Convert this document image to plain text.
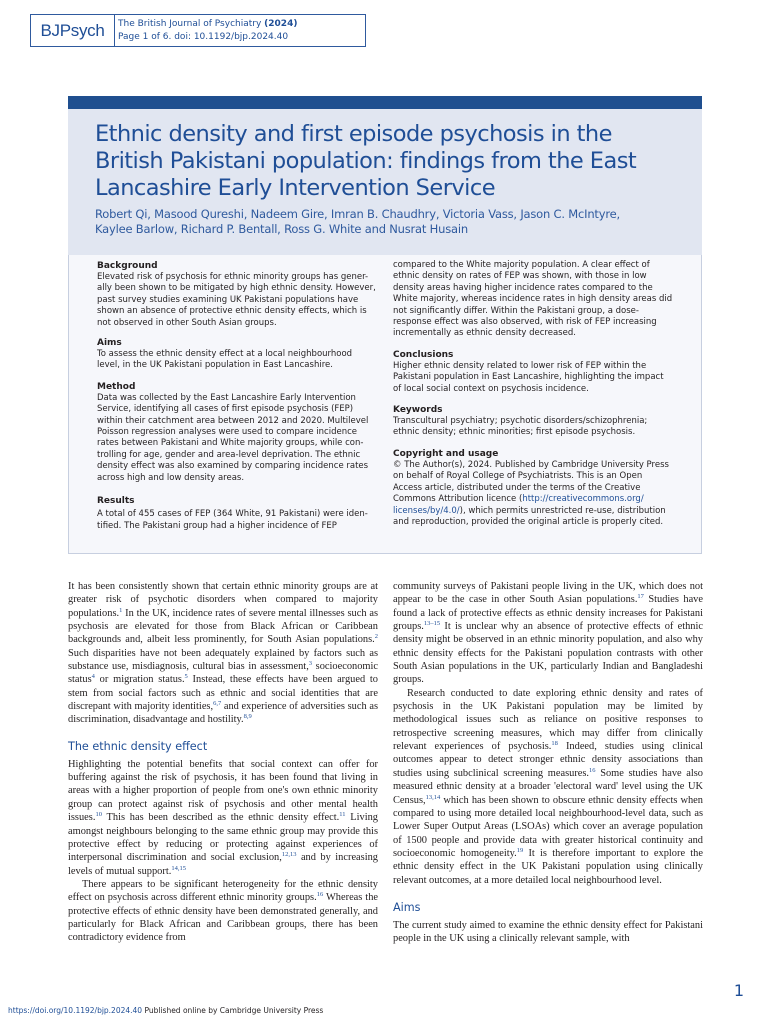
BJPsych	The British Journal of Psychiatry (2024)
Page 1 of 6. doi: 10.1192/bjp.2024.40
Ethnic density and first episode psychosis in the
British Pakistani population: findings from the East
Lancashire Early Intervention Service
Robert Qi, Masood Qureshi, Nadeem Gire, Imran B. Chaudhry, Victoria Vass, Jason C. McIntyre,
Kaylee Barlow, Richard P. Bentall, Ross G. White and Nusrat Husain
Background

Elevated risk of psychosis for ethnic minority groups has gener-
ally been shown to be mitigated by high ethnic density. However,
past survey studies examining UK Pakistani populations have
shown an absence of protective ethnic density effects, which is
not observed in other South Asian groups.

Aims

To assess the ethnic density effect at a local neighbourhood
level, in the UK Pakistani population in East Lancashire.

Method

Data was collected by the East Lancashire Early Intervention
Service, identifying all cases of first episode psychosis (FEP)
within their catchment area between 2012 and 2020. Multilevel
Poisson regression analyses were used to compare incidence
rates between Pakistani and White majority groups, while con-
trolling for age, gender and area-level deprivation. The ethnic
density effect was also examined by comparing incidence rates
across high and low density areas.

Results

A total of 455 cases of FEP (364 White, 91 Pakistani) were iden-
tified. The Pakistani group had a higher incidence of FEP

compared to the White majority population. A clear effect of
ethnic density on rates of FEP was shown, with those in low
density areas having higher incidence rates compared to the
White majority, whereas incidence rates in high density areas did
not significantly differ. Within the Pakistani group, a dose-
response effect was also observed, with risk of FEP increasing
incrementally as ethnic density decreased.

Conclusions

Higher ethnic density related to lower risk of FEP within the
Pakistani population in East Lancashire, highlighting the impact
of local social context on psychosis incidence.

Keywords

Transcultural psychiatry; psychotic disorders/schizophrenia;
ethnic density; ethnic minorities; first episode psychosis.

Copyright and usage

© The Author(s), 2024. Published by Cambridge University Press
on behalf of Royal College of Psychiatrists. This is an Open
Access article, distributed under the terms of the Creative
Commons Attribution licence (http://creativecommons.org/
licenses/by/4.0/), which permits unrestricted re-use, distribution
and reproduction, provided the original article is properly cited.

It has been consistently shown that certain ethnic minority groups are at greater risk of psychotic disorders when compared to majority populations.$^1$ In the UK, incidence rates of severe mental illnesses such as psychosis are elevated for those from Black African or Caribbean backgrounds and, albeit less prominently, for South Asian populations.$^2$ Such disparities have not been adequately explained by factors such as substance use, misdiagnosis, cultural bias in assessment,$^3$ socioeconomic status$^4$ or migration status.$^5$ Instead, these effects have been argued to stem from social factors such as ethnic and social identities that are discrepant with majority identities,$^{6,7}$ and experience of adversities such as discrimination, disadvantage and hostility.$^{8,9}$

The ethnic density effect

Highlighting the potential benefits that social context can offer for buffering against the risk of psychosis, it has been found that living in areas with a higher proportion of people from one's own ethnic minority group can protect against risk of psychosis and other mental health issues.$^{10}$ This has been described as the ethnic density effect.$^{11}$ Living amongst neighbours belonging to the same ethnic group may provide this protective effect by reducing or protecting against experiences of interpersonal discrimination and social exclusion,$^{12,13}$ and by increasing levels of mutual support.$^{14,15}$

There appears to be significant heterogeneity for the ethnic density effect on psychosis across different ethnic minority groups.$^{16}$ Whereas the protective effects of ethnic density have been demonstrated generally, and particularly for Black African and Caribbean groups, there has been contradictory evidence from

community surveys of Pakistani people living in the UK, which does not appear to be the case in other South Asian populations.$^{17}$ Studies have found a lack of protective effects as ethnic density increases for Pakistani groups.$^{13-15}$ It is unclear why an absence of protective effects of ethnic density might be observed in an ethnic minority population, and also why ethnic density effects for the Pakistani population contrasts with other South Asian populations in the UK, particularly Indian and Bangladeshi groups.

Research conducted to date exploring ethnic density and rates of psychosis in the UK Pakistani population may be limited by methodological issues such as reliance on positive responses to retrospective screening measures, which may differ from clinically relevant experiences of psychosis.$^{18}$ Indeed, studies using clinical outcomes appear to detect stronger ethnic density associations than studies using subclinical screening measures.$^{16}$ Some studies have also measured ethnic density at a broader 'electoral ward' level using the UK Census,$^{13,14}$ which has been shown to obscure ethnic density effects when compared to using more detailed local neighbourhood-level data, such as Lower Super Output Areas (LSOAs) which cover an average population of 1500 people and provide data with greater historical continuity and socioeconomic homogeneity.$^{19}$ It is therefore important to explore the ethnic density effect in the UK Pakistani population using clinically relevant outcomes, at a more detailed local neighbourhood level.

Aims

The current study aimed to examine the ethnic density effect for Pakistani people in the UK using a clinically relevant sample, with

https://doi.org/10.1192/bjp.2024.40 Published online by Cambridge University Press
1
